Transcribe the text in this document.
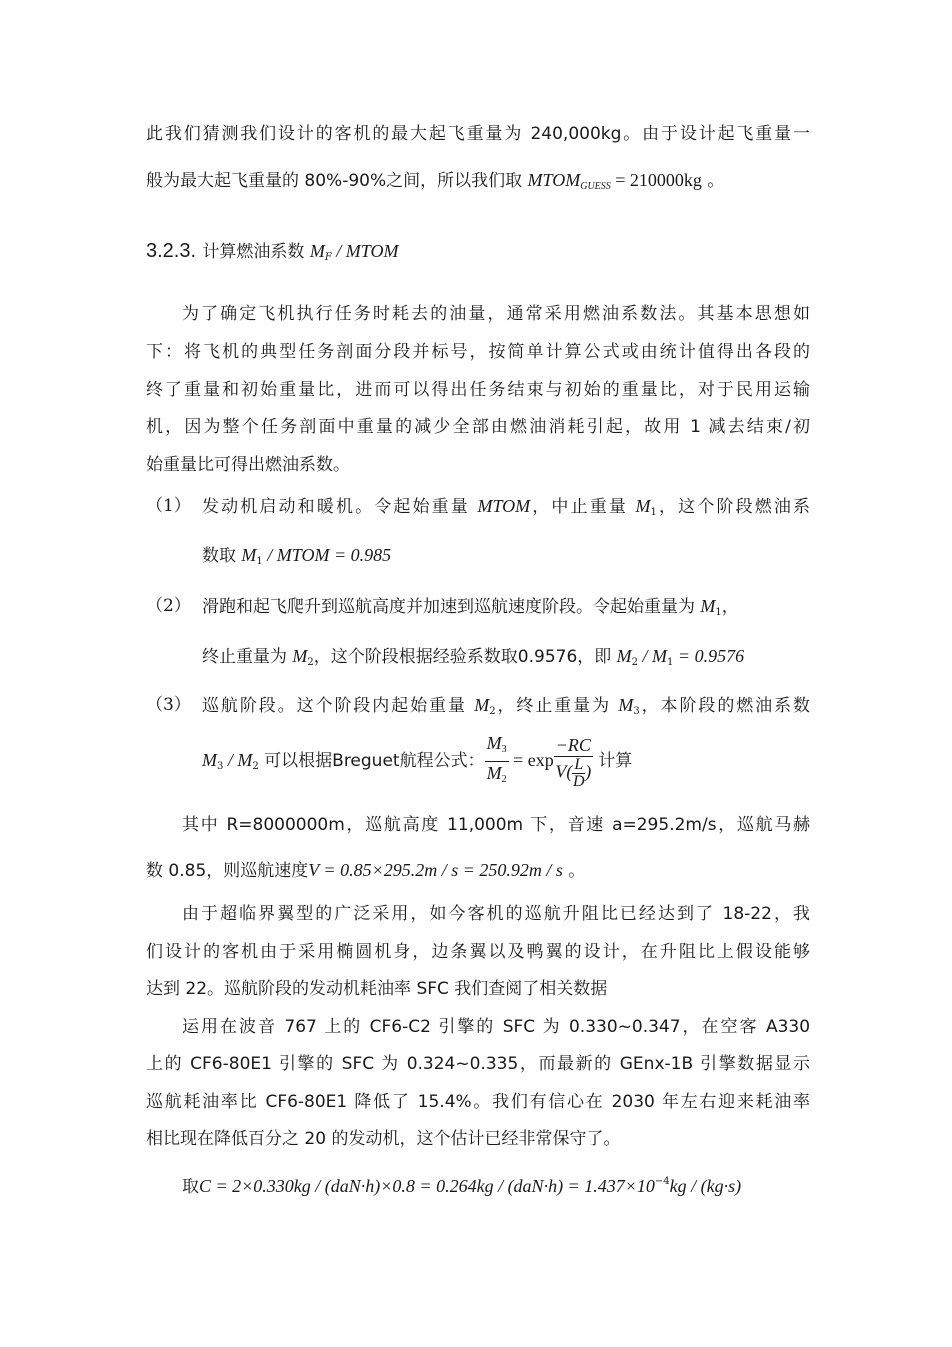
此我们猜测我们设计的客机的最大起飞重量为 240,000kg。由于设计起飞重量一
般为最大起飞重量的 80%-90%之间，所以我们取 $MTOM_{GUESS} = 210000kg$ 。
3.2.3. 计算燃油系数 $M_F$ / MTOM
为了确定飞机执行任务时耗去的油量，通常采用燃油系数法。其基本思想如
下：将飞机的典型任务剖面分段并标号，按简单计算公式或由统计值得出各段的
终了重量和初始重量比，进而可以得出任务结束与初始的重量比，对于民用运输
机，因为整个任务剖面中重量的减少全部由燃油消耗引起，故用 1 减去结束/初
始重量比可得出燃油系数。
（1） 发动机启动和暖机。令起始重量 MTOM，中止重量 $M_1$，这个阶段燃油系
数取 $M_1$ / MTOM = 0.985
（2） 滑跑和起飞爬升到巡航高度并加速到巡航速度阶段。令起始重量为 $M_1$，
终止重量为 $M_2$，这个阶段根据经验系数取0.9576，即 $M_2 / M_1 = 0.9576$
（3） 巡航阶段。这个阶段内起始重量 $M_2$，终止重量为 $M_3$，本阶段的燃油系数
$M_3 / M_2$ 可以根据Breguet航程公式： $\frac{M_3}{M_2} = \exp \frac{-RC}{V( \frac{L}{D} )}$ 计算
其中 R=8000000m，巡航高度 11,000m 下，音速 a=295.2m/s，巡航马赫
数 0.85，则巡航速度V = 0.85×295.2m / s = 250.92m / s 。
由于超临界翼型的广泛采用，如今客机的巡航升阻比已经达到了 18-22，我
们设计的客机由于采用椭圆机身，边条翼以及鸭翼的设计，在升阻比上假设能够
达到 22。巡航阶段的发动机耗油率 SFC 我们查阅了相关数据
运用在波音 767 上的 CF6-C2 引擎的 SFC 为 0.330~0.347，在空客 A330
上的 CF6-80E1 引擎的 SFC 为 0.324~0.335，而最新的 GEnx-1B 引擎数据显示
巡航耗油率比 CF6-80E1 降低了 15.4%。我们有信心在 2030 年左右迎来耗油率
相比现在降低百分之 20 的发动机，这个估计已经非常保守了。
取$C = 2\times 0.330kg / (daN\cdot h)\times 0.8 = 0.264kg / (daN\cdot h) = 1.437\times 10^{-4}kg / (kg\cdot s)$
